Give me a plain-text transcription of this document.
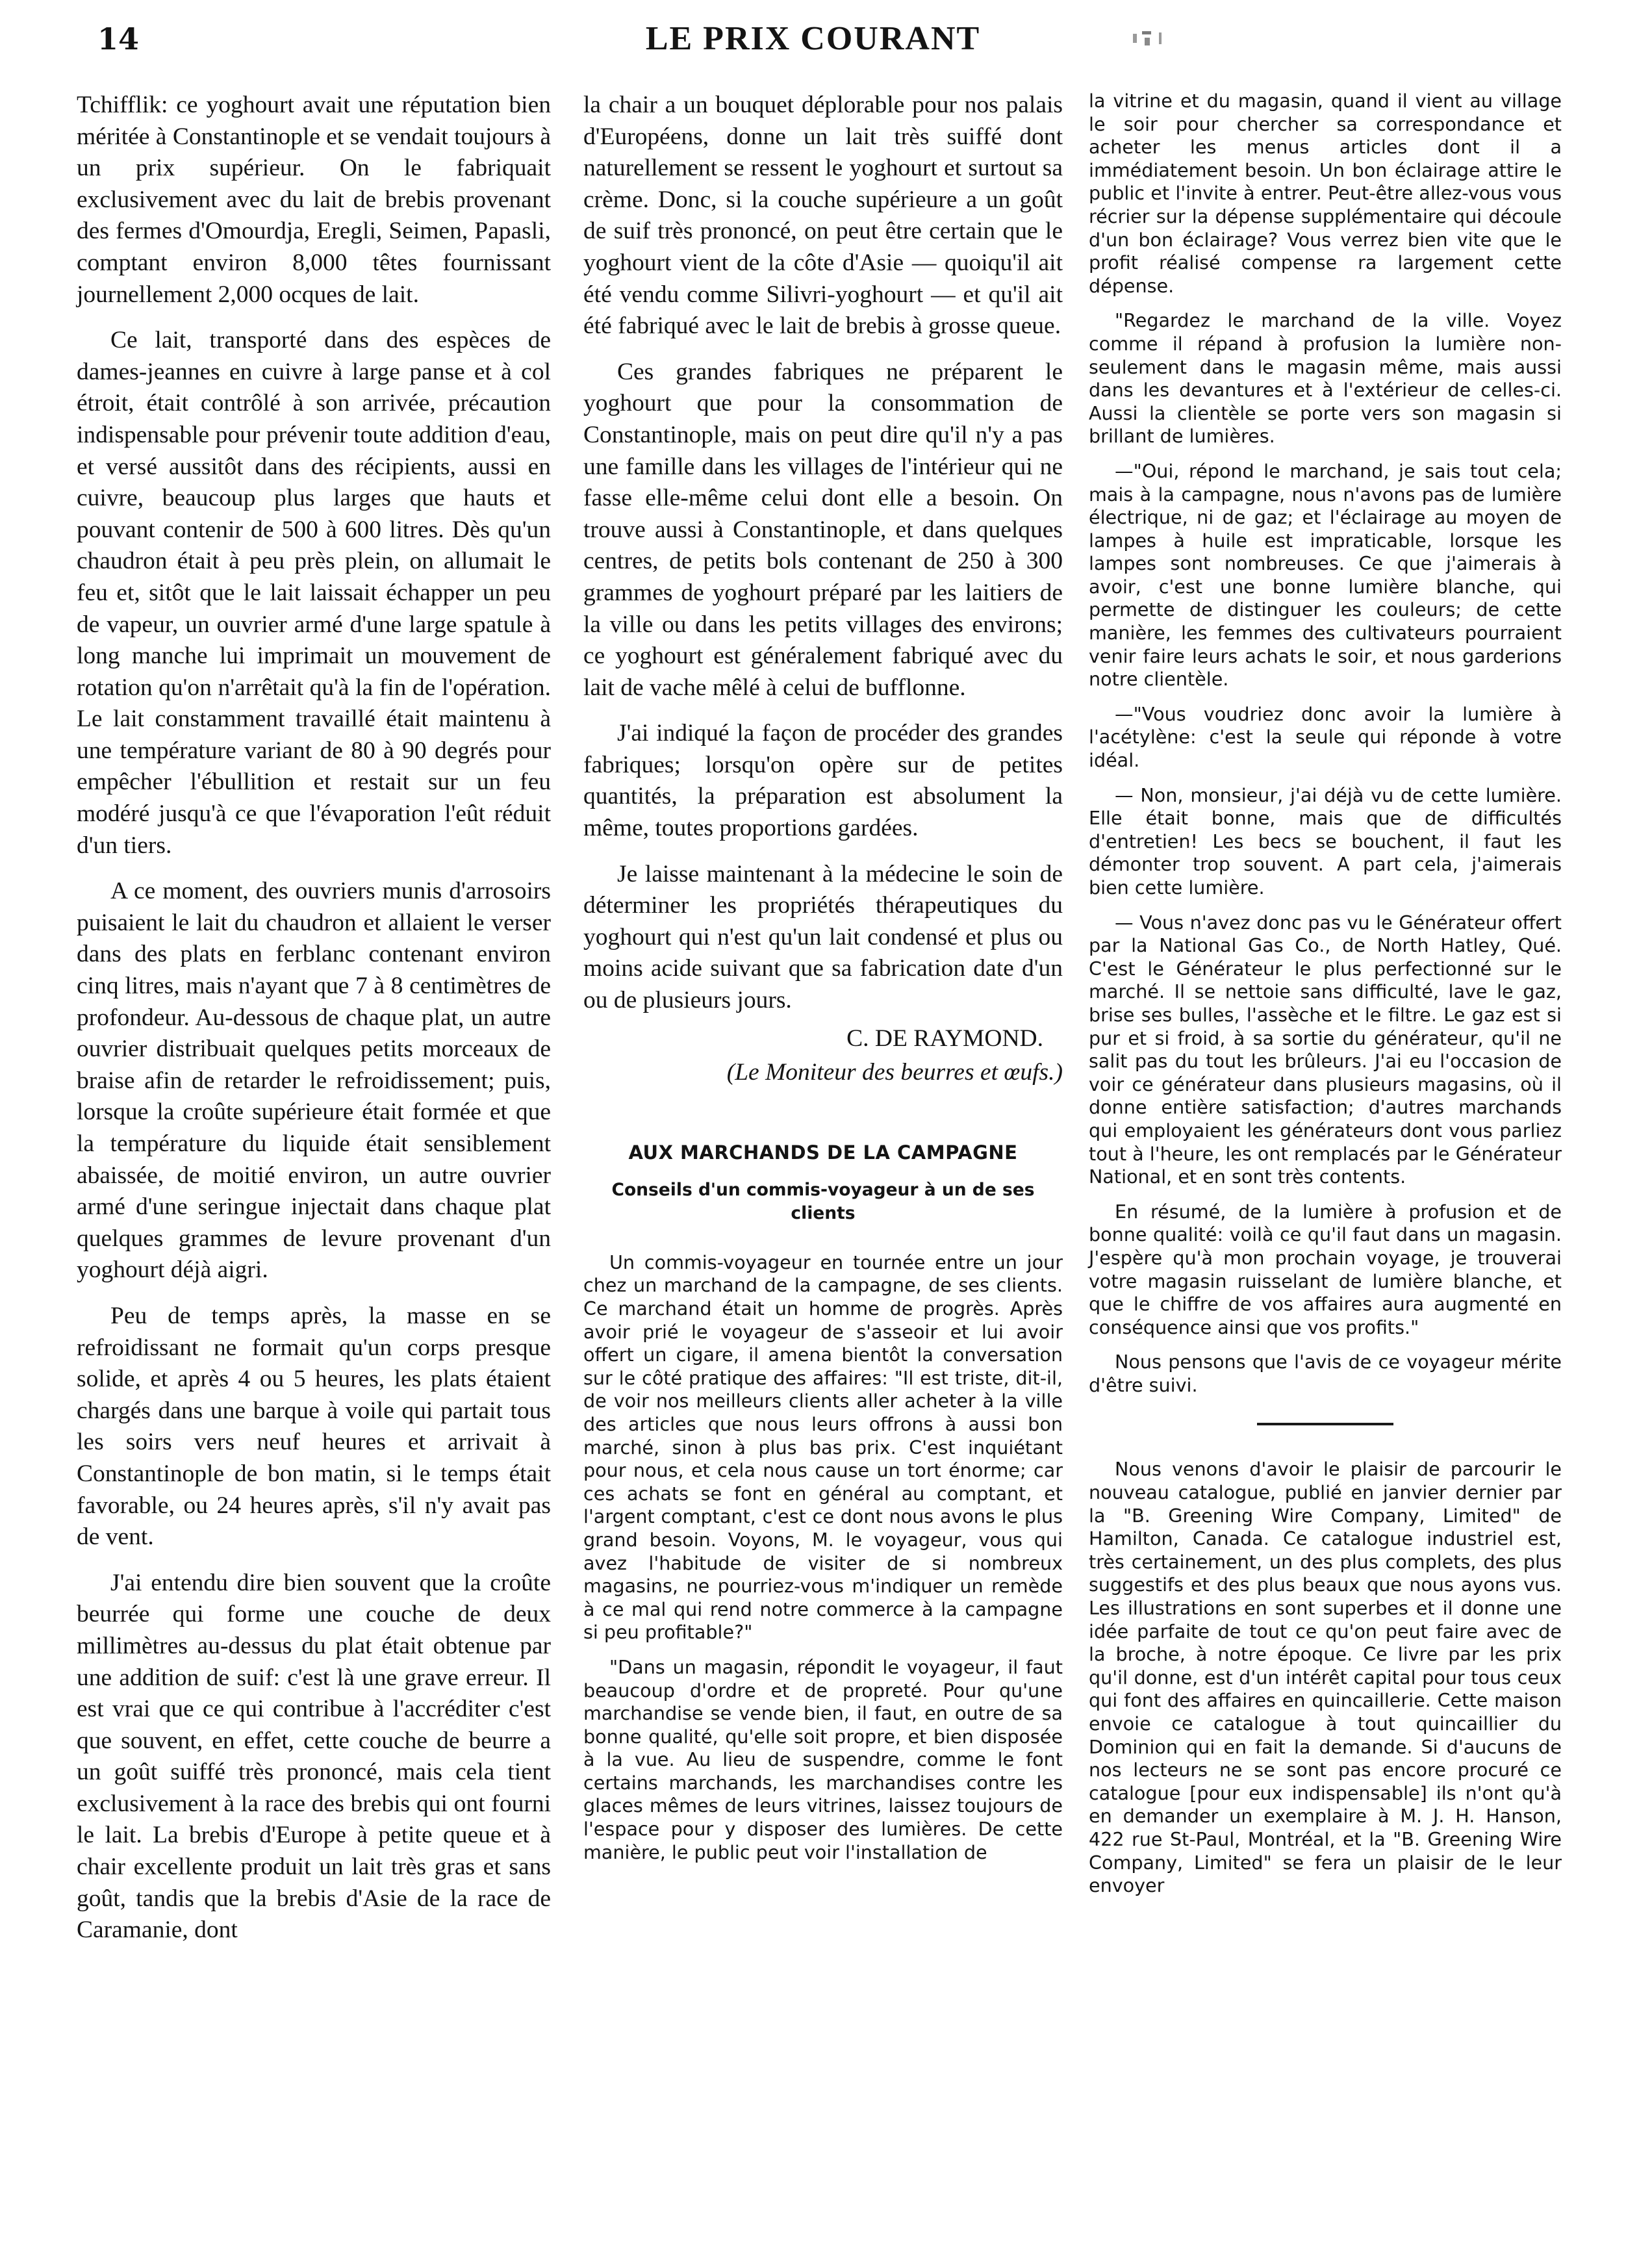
14	LE PRIX COURANT

Tchifflik: ce yoghourt avait une réputation bien méritée à Constantinople et se vendait toujours à un prix supérieur. On le fabriquait exclusivement avec du lait de brebis provenant des fermes d'Omourdja, Eregli, Seimen, Papasli, comptant environ 8,000 têtes fournissant journellement 2,000 ocques de lait.

Ce lait, transporté dans des espèces de dames-jeannes en cuivre à large panse et à col étroit, était contrôlé à son arrivée, précaution indispensable pour prévenir toute addition d'eau, et versé aussitôt dans des récipients, aussi en cuivre, beaucoup plus larges que hauts et pouvant contenir de 500 à 600 litres. Dès qu'un chaudron était à peu près plein, on allumait le feu et, sitôt que le lait laissait échapper un peu de vapeur, un ouvrier armé d'une large spatule à long manche lui imprimait un mouvement de rotation qu'on n'arrêtait qu'à la fin de l'opération. Le lait constamment travaillé était maintenu à une température variant de 80 à 90 degrés pour empêcher l'ébullition et restait sur un feu modéré jusqu'à ce que l'évaporation l'eût réduit d'un tiers.

A ce moment, des ouvriers munis d'arrosoirs puisaient le lait du chaudron et allaient le verser dans des plats en ferblanc contenant environ cinq litres, mais n'ayant que 7 à 8 centimètres de profondeur. Au-dessous de chaque plat, un autre ouvrier distribuait quelques petits morceaux de braise afin de retarder le refroidissement; puis, lorsque la croûte supérieure était formée et que la température du liquide était sensiblement abaissée, de moitié environ, un autre ouvrier armé d'une seringue injectait dans chaque plat quelques grammes de levure provenant d'un yoghourt déjà aigri.

Peu de temps après, la masse en se refroidissant ne formait qu'un corps presque solide, et après 4 ou 5 heures, les plats étaient chargés dans une barque à voile qui partait tous les soirs vers neuf heures et arrivait à Constantinople de bon matin, si le temps était favorable, ou 24 heures après, s'il n'y avait pas de vent.

J'ai entendu dire bien souvent que la croûte beurrée qui forme une couche de deux millimètres au-dessus du plat était obtenue par une addition de suif: c'est là une grave erreur. Il est vrai que ce qui contribue à l'accréditer c'est que souvent, en effet, cette couche de beurre a un goût suiffé très prononcé, mais cela tient exclusivement à la race des brebis qui ont fourni le lait. La brebis d'Europe à petite queue et à chair excellente produit un lait très gras et sans goût, tandis que la brebis d'Asie de la race de Caramanie, dont

la chair a un bouquet déplorable pour nos palais d'Européens, donne un lait très suiffé dont naturellement se ressent le yoghourt et surtout sa crème. Donc, si la couche supérieure a un goût de suif très prononcé, on peut être certain que le yoghourt vient de la côte d'Asie — quoiqu'il ait été vendu comme Silivri-yoghourt — et qu'il ait été fabriqué avec le lait de brebis à grosse queue.

Ces grandes fabriques ne préparent le yoghourt que pour la consommation de Constantinople, mais on peut dire qu'il n'y a pas une famille dans les villages de l'intérieur qui ne fasse elle-même celui dont elle a besoin. On trouve aussi à Constantinople, et dans quelques centres, de petits bols contenant de 250 à 300 grammes de yoghourt préparé par les laitiers de la ville ou dans les petits villages des environs; ce yoghourt est généralement fabriqué avec du lait de vache mêlé à celui de bufflonne.

J'ai indiqué la façon de procéder des grandes fabriques; lorsqu'on opère sur de petites quantités, la préparation est absolument la même, toutes proportions gardées.

Je laisse maintenant à la médecine le soin de déterminer les propriétés thérapeutiques du yoghourt qui n'est qu'un lait condensé et plus ou moins acide suivant que sa fabrication date d'un ou de plusieurs jours.

C. DE RAYMOND.

(Le Moniteur des beurres et œufs.)

AUX MARCHANDS DE LA CAMPAGNE
Conseils d'un commis-voyageur à un de ses clients

Un commis-voyageur en tournée entre un jour chez un marchand de la campagne, de ses clients. Ce marchand était un homme de progrès. Après avoir prié le voyageur de s'asseoir et lui avoir offert un cigare, il amena bientôt la conversation sur le côté pratique des affaires: "Il est triste, dit-il, de voir nos meilleurs clients aller acheter à la ville des articles que nous leurs offrons à aussi bon marché, sinon à plus bas prix. C'est inquiétant pour nous, et cela nous cause un tort énorme; car ces achats se font en général au comptant, et l'argent comptant, c'est ce dont nous avons le plus grand besoin. Voyons, M. le voyageur, vous qui avez l'habitude de visiter de si nombreux magasins, ne pourriez-vous m'indiquer un remède à ce mal qui rend notre commerce à la campagne si peu profitable?"

"Dans un magasin, répondit le voyageur, il faut beaucoup d'ordre et de propreté. Pour qu'une marchandise se vende bien, il faut, en outre de sa bonne qualité, qu'elle soit propre, et bien disposée à la vue. Au lieu de suspendre, comme le font certains marchands, les marchandises contre les glaces mêmes de leurs vitrines, laissez toujours de l'espace pour y disposer des lumières. De cette manière, le public peut voir l'installation de

la vitrine et du magasin, quand il vient au village le soir pour chercher sa correspondance et acheter les menus articles dont il a immédiatement besoin. Un bon éclairage attire le public et l'invite à entrer. Peut-être allez-vous vous récrier sur la dépense supplémentaire qui découle d'un bon éclairage? Vous verrez bien vite que le profit réalisé compense ra largement cette dépense.

"Regardez le marchand de la ville. Voyez comme il répand à profusion la lumière non-seulement dans le magasin même, mais aussi dans les devantures et à l'extérieur de celles-ci. Aussi la clientèle se porte vers son magasin si brillant de lumières.

—"Oui, répond le marchand, je sais tout cela; mais à la campagne, nous n'avons pas de lumière électrique, ni de gaz; et l'éclairage au moyen de lampes à huile est impraticable, lorsque les lampes sont nombreuses. Ce que j'aimerais à avoir, c'est une bonne lumière blanche, qui permette de distinguer les couleurs; de cette manière, les femmes des cultivateurs pourraient venir faire leurs achats le soir, et nous garderions notre clientèle.

—"Vous voudriez donc avoir la lumière à l'acétylène: c'est la seule qui réponde à votre idéal.

— Non, monsieur, j'ai déjà vu de cette lumière. Elle était bonne, mais que de difficultés d'entretien! Les becs se bouchent, il faut les démonter trop souvent. A part cela, j'aimerais bien cette lumière.

— Vous n'avez donc pas vu le Générateur offert par la National Gas Co., de North Hatley, Qué. C'est le Générateur le plus perfectionné sur le marché. Il se nettoie sans difficulté, lave le gaz, brise ses bulles, l'assèche et le filtre. Le gaz est si pur et si froid, à sa sortie du générateur, qu'il ne salit pas du tout les brûleurs. J'ai eu l'occasion de voir ce générateur dans plusieurs magasins, où il donne entière satisfaction; d'autres marchands qui employaient les générateurs dont vous parliez tout à l'heure, les ont remplacés par le Générateur National, et en sont très contents.

En résumé, de la lumière à profusion et de bonne qualité: voilà ce qu'il faut dans un magasin. J'espère qu'à mon prochain voyage, je trouverai votre magasin ruisselant de lumière blanche, et que le chiffre de vos affaires aura augmenté en conséquence ainsi que vos profits."

Nous pensons que l'avis de ce voyageur mérite d'être suivi.

Nous venons d'avoir le plaisir de parcourir le nouveau catalogue, publié en janvier dernier par la "B. Greening Wire Company, Limited" de Hamilton, Canada. Ce catalogue industriel est, très certainement, un des plus complets, des plus suggestifs et des plus beaux que nous ayons vus. Les illustrations en sont superbes et il donne une idée parfaite de tout ce qu'on peut faire avec de la broche, à notre époque. Ce livre par les prix qu'il donne, est d'un intérêt capital pour tous ceux qui font des affaires en quincaillerie. Cette maison envoie ce catalogue à tout quincaillier du Dominion qui en fait la demande. Si d'aucuns de nos lecteurs ne se sont pas encore procuré ce catalogue [pour eux indispensable] ils n'ont qu'à en demander un exemplaire à M. J. H. Hanson, 422 rue St-Paul, Montréal, et la "B. Greening Wire Company, Limited" se fera un plaisir de le leur envoyer
